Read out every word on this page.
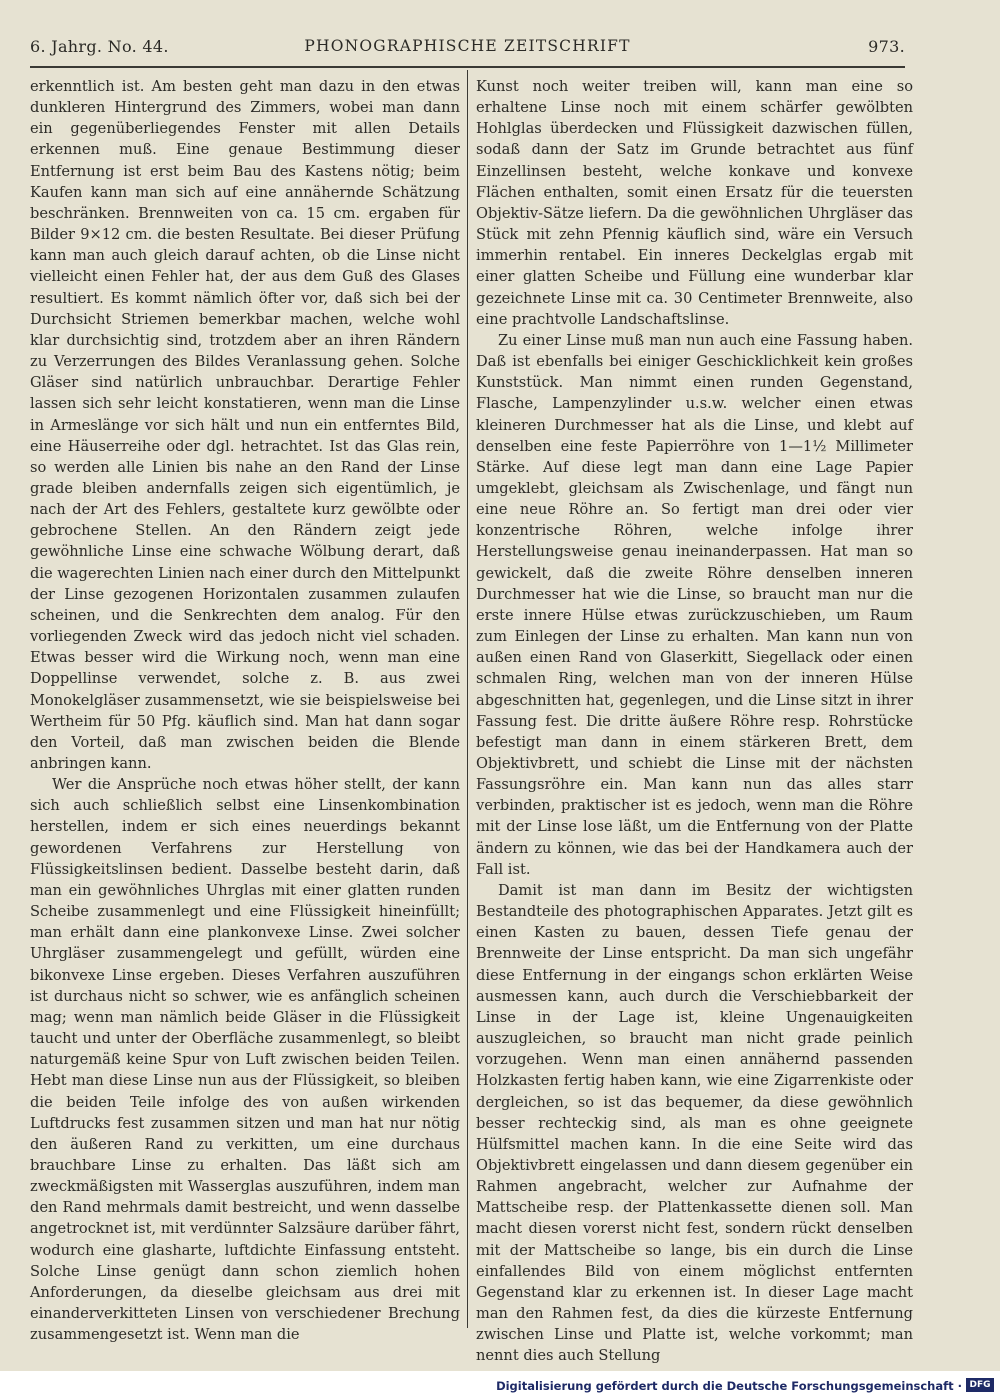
6. Jahrg. No. 44.	PHONOGRAPHISCHE ZEITSCHRIFT	973.

erkenntlich ist. Am besten geht man dazu in den etwas dunkleren Hintergrund des Zimmers, wobei man dann ein gegenüberliegendes Fenster mit allen Details erkennen muß. Eine genaue Bestimmung dieser Entfernung ist erst beim Bau des Kastens nötig; beim Kaufen kann man sich auf eine annähernde Schätzung beschränken. Brennweiten von ca. 15 cm. ergaben für Bilder 9×12 cm. die besten Resultate. Bei dieser Prüfung kann man auch gleich darauf achten, ob die Linse nicht vielleicht einen Fehler hat, der aus dem Guß des Glases resultiert. Es kommt nämlich öfter vor, daß sich bei der Durchsicht Striemen bemerkbar machen, welche wohl klar durchsichtig sind, trotzdem aber an ihren Rändern zu Verzerrungen des Bildes Veranlassung gehen. Solche Gläser sind natürlich unbrauchbar. Derartige Fehler lassen sich sehr leicht konstatieren, wenn man die Linse in Armeslänge vor sich hält und nun ein entferntes Bild, eine Häuserreihe oder dgl. hetrachtet. Ist das Glas rein, so werden alle Linien bis nahe an den Rand der Linse grade bleiben andernfalls zeigen sich eigentümlich, je nach der Art des Fehlers, gestaltete kurz gewölbte oder gebrochene Stellen. An den Rändern zeigt jede gewöhnliche Linse eine schwache Wölbung derart, daß die wagerechten Linien nach einer durch den Mittelpunkt der Linse gezogenen Horizontalen zusammen zulaufen scheinen, und die Senkrechten dem analog. Für den vorliegenden Zweck wird das jedoch nicht viel schaden. Etwas besser wird die Wirkung noch, wenn man eine Doppellinse verwendet, solche z. B. aus zwei Monokelgläser zusammensetzt, wie sie beispielsweise bei Wertheim für 50 Pfg. käuflich sind. Man hat dann sogar den Vorteil, daß man zwischen beiden die Blende anbringen kann.

Wer die Ansprüche noch etwas höher stellt, der kann sich auch schließlich selbst eine Linsenkombination herstellen, indem er sich eines neuerdings bekannt gewordenen Verfahrens zur Herstellung von Flüssigkeitslinsen bedient. Dasselbe besteht darin, daß man ein gewöhnliches Uhrglas mit einer glatten runden Scheibe zusammenlegt und eine Flüssigkeit hineinfüllt; man erhält dann eine plankonvexe Linse. Zwei solcher Uhrgläser zusammengelegt und gefüllt, würden eine bikonvexe Linse ergeben. Dieses Verfahren auszuführen ist durchaus nicht so schwer, wie es anfänglich scheinen mag; wenn man nämlich beide Gläser in die Flüssigkeit taucht und unter der Oberfläche zusammenlegt, so bleibt naturgemäß keine Spur von Luft zwischen beiden Teilen. Hebt man diese Linse nun aus der Flüssigkeit, so bleiben die beiden Teile infolge des von außen wirkenden Luftdrucks fest zusammen sitzen und man hat nur nötig den äußeren Rand zu verkitten, um eine durchaus brauchbare Linse zu erhalten. Das läßt sich am zweckmäßigsten mit Wasserglas auszuführen, indem man den Rand mehrmals damit bestreicht, und wenn dasselbe angetrocknet ist, mit verdünnter Salzsäure darüber fährt, wodurch eine glasharte, luftdichte Einfassung entsteht. Solche Linse genügt dann schon ziemlich hohen Anforderungen, da dieselbe gleichsam aus drei mit einanderverkitteten Linsen von verschiedener Brechung zusammengesetzt ist. Wenn man die

Kunst noch weiter treiben will, kann man eine so erhaltene Linse noch mit einem schärfer gewölbten Hohlglas überdecken und Flüssigkeit dazwischen füllen, sodaß dann der Satz im Grunde betrachtet aus fünf Einzellinsen besteht, welche konkave und konvexe Flächen enthalten, somit einen Ersatz für die teuersten Objektiv-Sätze liefern. Da die gewöhnlichen Uhrgläser das Stück mit zehn Pfennig käuflich sind, wäre ein Versuch immerhin rentabel. Ein inneres Deckelglas ergab mit einer glatten Scheibe und Füllung eine wunderbar klar gezeichnete Linse mit ca. 30 Centimeter Brennweite, also eine prachtvolle Landschaftslinse.

Zu einer Linse muß man nun auch eine Fassung haben. Daß ist ebenfalls bei einiger Geschicklichkeit kein großes Kunststück. Man nimmt einen runden Gegenstand, Flasche, Lampenzylinder u.s.w. welcher einen etwas kleineren Durchmesser hat als die Linse, und klebt auf denselben eine feste Papierröhre von 1—1½ Millimeter Stärke. Auf diese legt man dann eine Lage Papier umgeklebt, gleichsam als Zwischenlage, und fängt nun eine neue Röhre an. So fertigt man drei oder vier konzentrische Röhren, welche infolge ihrer Herstellungsweise genau ineinanderpassen. Hat man so gewickelt, daß die zweite Röhre denselben inneren Durchmesser hat wie die Linse, so braucht man nur die erste innere Hülse etwas zurückzuschieben, um Raum zum Einlegen der Linse zu erhalten. Man kann nun von außen einen Rand von Glaserkitt, Siegellack oder einen schmalen Ring, welchen man von der inneren Hülse abgeschnitten hat, gegenlegen, und die Linse sitzt in ihrer Fassung fest. Die dritte äußere Röhre resp. Rohrstücke befestigt man dann in einem stärkeren Brett, dem Objektivbrett, und schiebt die Linse mit der nächsten Fassungsröhre ein. Man kann nun das alles starr verbinden, praktischer ist es jedoch, wenn man die Röhre mit der Linse lose läßt, um die Entfernung von der Platte ändern zu können, wie das bei der Handkamera auch der Fall ist.

Damit ist man dann im Besitz der wichtigsten Bestandteile des photographischen Apparates. Jetzt gilt es einen Kasten zu bauen, dessen Tiefe genau der Brennweite der Linse entspricht. Da man sich ungefähr diese Entfernung in der eingangs schon erklärten Weise ausmessen kann, auch durch die Verschiebbarkeit der Linse in der Lage ist, kleine Ungenauigkeiten auszugleichen, so braucht man nicht grade peinlich vorzugehen. Wenn man einen annähernd passenden Holzkasten fertig haben kann, wie eine Zigarrenkiste oder dergleichen, so ist das bequemer, da diese gewöhnlich besser rechteckig sind, als man es ohne geeignete Hülfsmittel machen kann. In die eine Seite wird das Objektivbrett eingelassen und dann diesem gegenüber ein Rahmen angebracht, welcher zur Aufnahme der Mattscheibe resp. der Plattenkassette dienen soll. Man macht diesen vorerst nicht fest, sondern rückt denselben mit der Mattscheibe so lange, bis ein durch die Linse einfallendes Bild von einem möglichst entfernten Gegenstand klar zu erkennen ist. In dieser Lage macht man den Rahmen fest, da dies die kürzeste Entfernung zwischen Linse und Platte ist, welche vorkommt; man nennt dies auch Stellung

Digitalisierung gefördert durch die Deutsche Forschungsgemeinschaft · DFG
